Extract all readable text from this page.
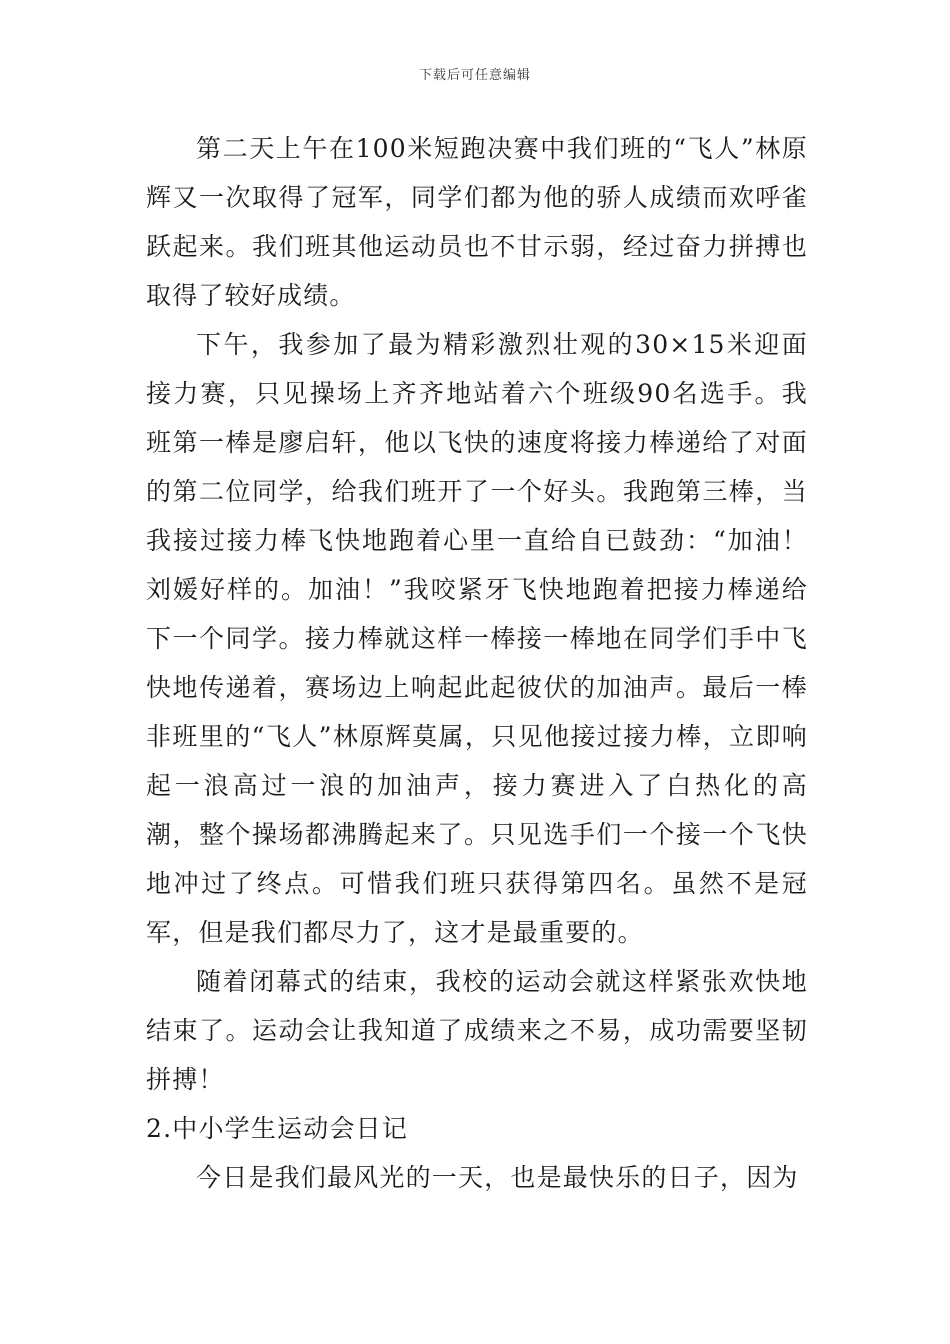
下载后可任意编辑

第二天上午在100米短跑决赛中我们班的“飞人”林原辉又一次取得了冠军，同学们都为他的骄人成绩而欢呼雀跃起来。我们班其他运动员也不甘示弱，经过奋力拼搏也取得了较好成绩。

下午，我参加了最为精彩激烈壮观的30×15米迎面接力赛，只见操场上齐齐地站着六个班级90名选手。我班第一棒是廖启轩，他以飞快的速度将接力棒递给了对面的第二位同学，给我们班开了一个好头。我跑第三棒，当我接过接力棒飞快地跑着心里一直给自已鼓劲：“加油！刘媛好样的。加油！”我咬紧牙飞快地跑着把接力棒递给下一个同学。接力棒就这样一棒接一棒地在同学们手中飞快地传递着，赛场边上响起此起彼伏的加油声。最后一棒非班里的“飞人”林原辉莫属，只见他接过接力棒，立即响起一浪高过一浪的加油声，接力赛进入了白热化的高 潮，整个操场都沸腾起来了。只见选手们一个接一个飞快地冲过了终点。可惜我们班只获得第四名。虽然不是冠军，但是我们都尽力了，这才是最重要的。

随着闭幕式的结束，我校的运动会就这样紧张欢快地结束了。运动会让我知道了成绩来之不易，成功需要坚韧拼搏！

2.中小学生运动会日记

今日是我们最风光的一天，也是最快乐的日子，因为
